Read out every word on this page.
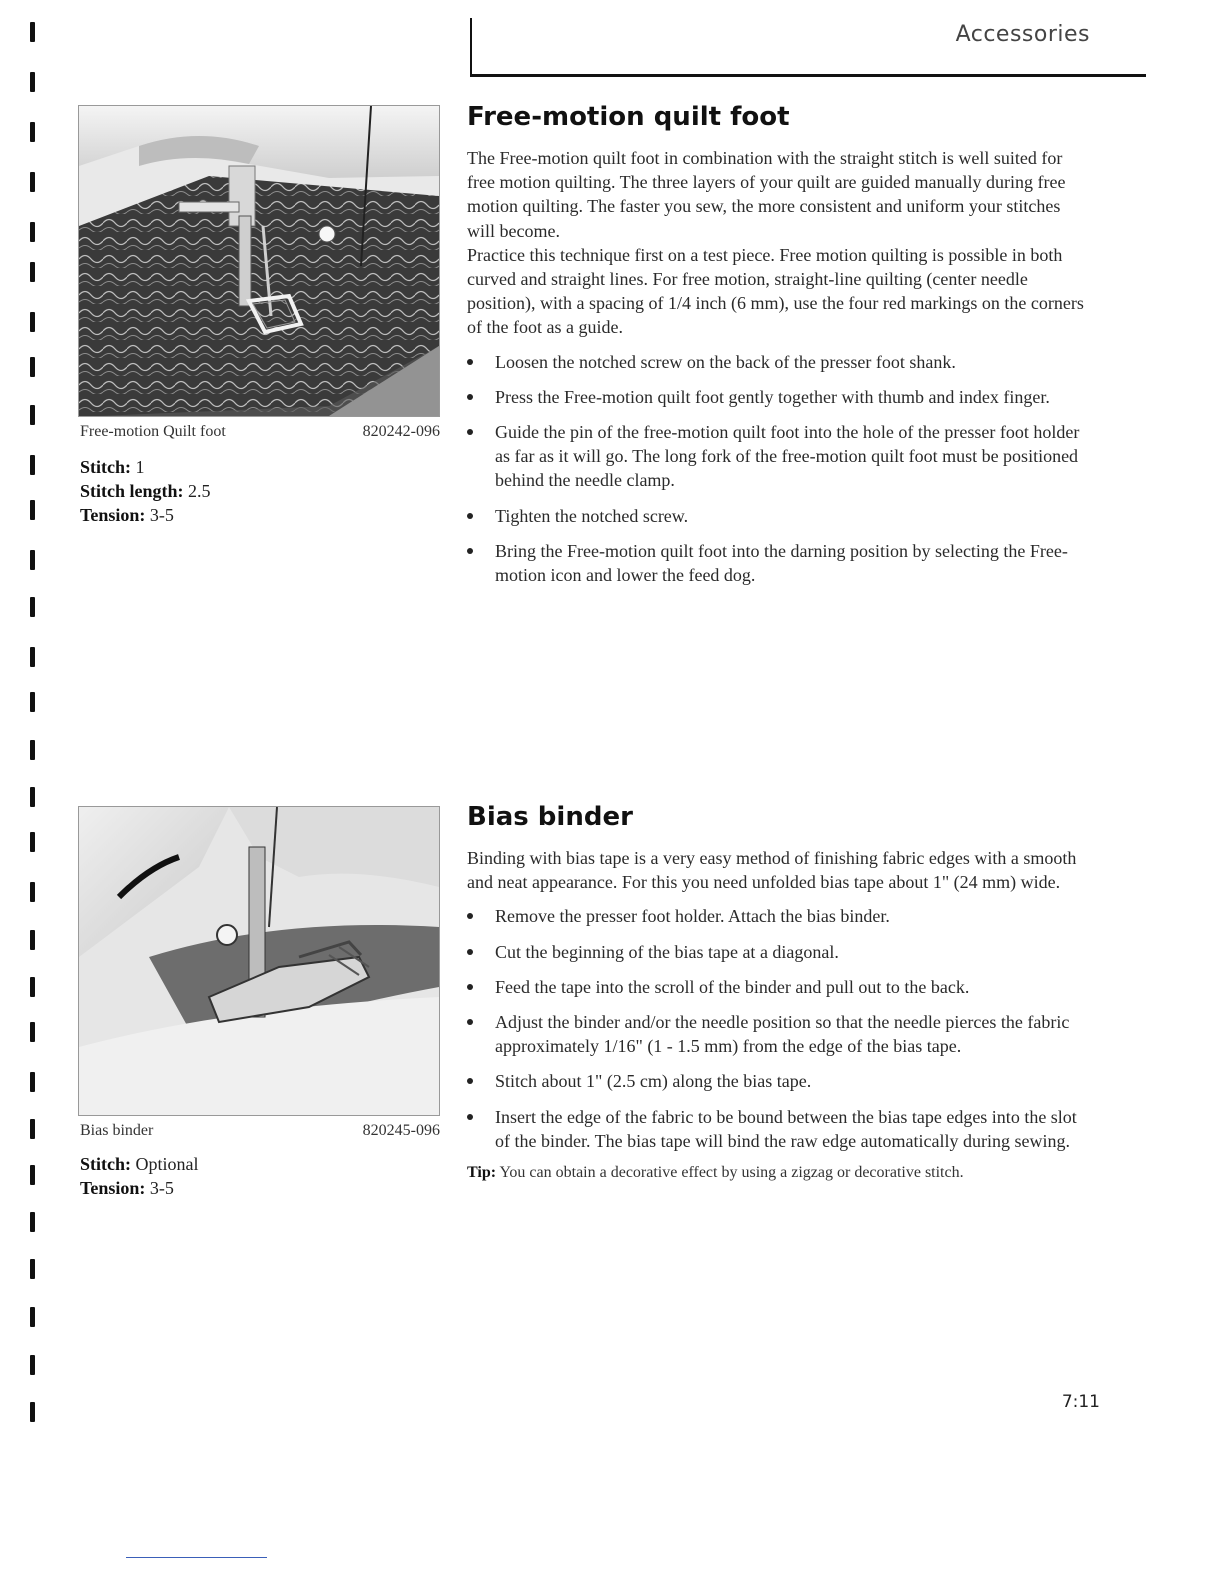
Accessories
Free-motion Quilt foot	820242-096
Stitch: 1
Stitch length: 2.5
Tension: 3-5
Free-motion quilt foot

The Free-motion quilt foot in combination with the straight stitch is well suited for free motion quilting. The three layers of your quilt are guided manually during free motion quilting. The faster you sew, the more consistent and uniform your stitches will become.

Practice this technique first on a test piece. Free motion quilting is possible in both curved and straight lines. For free motion, straight-line quilting (center needle position), with a spacing of 1/4 inch (6 mm), use the four red markings on the corners of the foot as a guide.

Loosen the notched screw on the back of the presser foot shank.
Press the Free-motion quilt foot gently together with thumb and index finger.
Guide the pin of the free-motion quilt foot into the hole of the presser foot holder as far as it will go. The long fork of the free-motion quilt foot must be positioned behind the needle clamp.
Tighten the notched screw.
Bring the Free-motion quilt foot into the darning position by selecting the Free-motion icon and lower the feed dog.
Bias binder	820245-096
Stitch: Optional
Tension: 3-5
Bias binder

Binding with bias tape is a very easy method of finishing fabric edges with a smooth and neat appearance. For this you need unfolded bias tape about 1" (24 mm) wide.

Remove the presser foot holder. Attach the bias binder.
Cut the beginning of the bias tape at a diagonal.
Feed the tape into the scroll of the binder and pull out to the back.
Adjust the binder and/or the needle position so that the needle pierces the fabric approximately 1/16" (1 - 1.5 mm) from the edge of the bias tape.
Stitch about 1" (2.5 cm) along the bias tape.
Insert the edge of the fabric to be bound between the bias tape edges into the slot of the binder. The bias tape will bind the raw edge automatically during sewing.
Tip: You can obtain a decorative effect by using a zigzag or decorative stitch.
7:11
